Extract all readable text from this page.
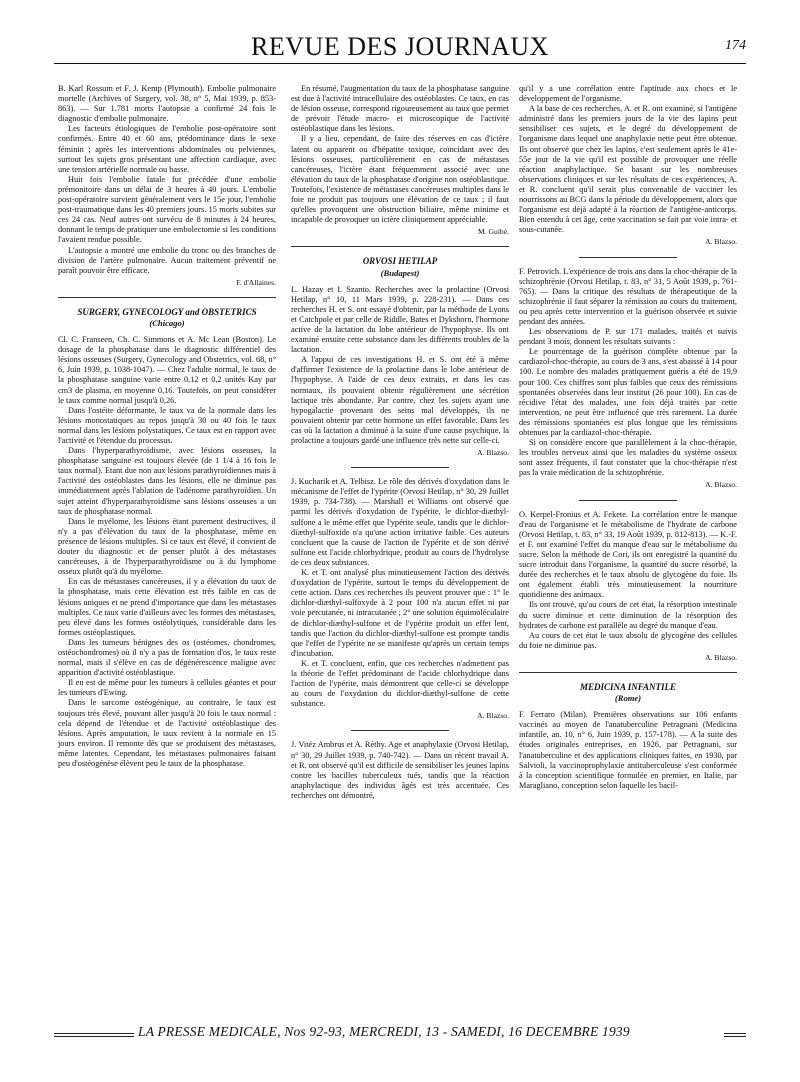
REVUE DES JOURNAUX	174

B. Karl Rossum et F. J. Kemp (Plymouth). Embolie pulmonaire mortelle (Archives of Surgery, vol. 38, n° 5, Mai 1939, p. 853-863). — Sur 1.781 morts l'autopsie a confirmé 24 fois le diagnostic d'embolie pulmonaire.

Les facteurs étiologiques de l'embolie post-opératoire sont confirmés. Entre 40 et 60 ans, prédominance dans le sexe féminin ; après les interventions abdominales ou pelviennes, surtout les sujets gros présentant une affection cardiaque, avec une tension artérielle normale ou basse.

Huit fois l'embolie fatale fut précédée d'une embolie prémonitoire dans un délai de 3 heures à 40 jours. L'embolie post-opératoire survient généralement vers le 15e jour, l'embolie post-traumatique dans les 40 premiers jours. 15 morts subites sur ces 24 cas. Neuf autres ont survécu de 8 minutes à 24 heures, donnant le temps de pratiquer une embolectomie si les conditions l'avaient rendue possible.

L'autopsie a montré une embolie du tronc ou des branches de division de l'artère pulmonaire. Aucun traitement préventif ne paraît pouvoir être efficace.

F. d'Allaines.

SURGERY, GYNECOLOGY and OBSTETRICS

(Chicago)

Cl. C. Franseen, Ch. C. Simmons et A. Mc Lean (Boston). Le dosage de la phosphatase dans le diagnostic différentiel des lésions osseuses (Surgery, Gynecology and Obstetrics, vol. 68, n° 6, Juin 1939, p. 1038-1047). — Chez l'adulte normal, le taux de la phosphatase sanguine varie entre 0,12 et 0,2 unités Kay par cm3 de plasma, en moyenne 0,16. Toutefois, on peut considérer le taux comme normal jusqu'à 0,26.

Dans l'ostéite déformante, le taux va de la normale dans les lésions monostatiques au repos jusqu'à 30 ou 40 fois le taux normal dans les lésions polystatiques. Ce taux est en rapport avec l'activité et l'étendue du processus.

Dans l'hyperparathyroïdisme, avec lésions osseuses, la phosphatase sanguine est toujours élevée (de 1 1/4 à 16 fois le taux normal). Etant due non aux lésions parathyroïdiennes mais à l'activité des ostéoblastes dans les lésions, elle ne diminue pas immédiatement après l'ablation de l'adénome parathyroïdien. Un sujet atteint d'hyperparathyroïdisme sans lésions osseuses a un taux de phosphatase normal.

Dans le myélome, les lésions étant purement destructives, il n'y a pas d'élévation du taux de la phosphatase, même en présence de lésions multiples. Si ce taux est élevé, il convient de douter du diagnostic et de penser plutôt à des métastases cancéreuses, à de l'hyperparathyroïdisme ou à du lymphome osseux plutôt qu'à du myélome.

En cas de métastases cancéreuses, il y a élévation du taux de la phosphatase, mais cette élévation est très faible en cas de lésions uniques et ne prend d'importance que dans les métastases multiples. Ce taux varie d'ailleurs avec les formes des métastases, peu élevé dans les formes ostéolytiques, considérable dans les formes ostéoplastiques.

Dans les tumeurs bénignes des os (ostéomes, chondromes, ostéochondromes) où il n'y a pas de formation d'os, le taux reste normal, mais il s'élève en cas de dégénérescence maligne avec apparition d'activité ostéoblastique.

Il en est de même pour les tumeurs à cellules géantes et pour les tumeurs d'Ewing.

Dans le sarcome ostéogénique, au contraire, le taux est toujours très élevé, pouvant aller jusqu'à 20 fois le taux normal : cela dépend de l'étendue et de l'activité ostéoblastique des lésions. Après amputation, le taux revient à la normale en 15 jours environ. Il remonte dès que se produisent des métastases, même latentes. Cependant, les métastases pulmonaires faisant peu d'ostéogénèse élèvent peu le taux de la phosphatase.

En résumé, l'augmentation du taux de la phosphatase sanguine est due à l'activité intracellulaire des ostéoblastes. Ce taux, en cas de lésion osseuse, correspond rigoureusement au taux que permet de prévoir l'étude macro- et microscopique de l'activité ostéoblastique dans les lésions.

Il y a lieu, cependant, de faire des réserves en cas d'ictère latent ou apparent ou d'hépatite toxique, coïncidant avec des lésions osseuses, particulièrement en cas de métastases cancéreuses, l'ictère étant fréquemment associé avec une élévation du taux de la phosphatase d'origine non ostéoblastique. Toutefois, l'existence de métastases cancéreuses multiples dans le foie ne produit pas toujours une élévation de ce taux ; il faut qu'elles provoquent une obstruction biliaire, même minime et incapable de provoquer un ictère cliniquement appréciable.

M. Guibé.

ORVOSI HETILAP

(Budapest)

L. Hazay et I. Szanto. Recherches avec la prolactine (Orvosi Hetilap, n° 10, 11 Mars 1939, p. 228-231). — Dans ces recherches H. et S. ont essayé d'obtenir, par la méthode de Lyons et Catchpole et par celle de Riddle, Bates et Dykshorn, l'hormone active de la lactation du lobe antérieur de l'hypophyse. Ils ont examiné ensuite cette substance dans les différents troubles de la lactation.

A l'appui de ces investigations H. et S. ont été à même d'affirmer l'existence de la prolactine dans le lobe antérieur de l'hypophyse. A l'aide de ces deux extraits, et dans les cas normaux, ils pouvaient obtenir régulièrement une sécrétion lactique très abondante. Par contre, chez les sujets ayant une hypogalactie provenant des seins mal développés, ils ne pouvaient obtenir par cette hormone un effet favorable. Dans les cas où la lactation a diminué à la suite d'une cause psychique, la prolactine a toujours gardé une influence très nette sur celle-ci.

A. Blazso.

J. Kucharik et A. Telbisz. Le rôle des dérivés d'oxydation dans le mécanisme de l'effet de l'ypérite (Orvosi Hetilap, n° 30, 29 Juillet 1939, p. 734-738). — Marshall et Williams ont observé que parmi les dérivés d'oxydation de l'ypérite, le dichlor-diæthyl-sulfone a le même effet que l'ypérite seule, tandis que le dichlor-diæthyl-sulfoxide n'a qu'une action irritative faible. Ces auteurs concluent que la cause de l'action de l'ypérite et de son dérivé sulfone est l'acide chlorhydrique, produit au cours de l'hydrolyse de ces deux substances.

K. et T. ont analysé plus minutieusement l'action des dérivés d'oxydation de l'ypérite, surtout le temps du développement de cette action. Dans ces recherches ils peuvent prouver que : 1° le dichlor-diæthyl-sulfoxyde à 2 pour 100 n'a aucun effet ni par voie percutanée, ni intracutanée ; 2° une solution équimoléculaire de dichlor-diæthyl-sulfone et de l'ypérite produit un effet lent, tandis que l'action du dichlor-diæthyl-sulfone est prompte tandis que l'effet de l'ypérite ne se manifeste qu'après un certain temps d'incubation.

K. et T. concluent, enfin, que ces recherches n'admettent pas la théorie de l'effet prédominant de l'acide chlorhydrique dans l'action de l'ypérite, mais démontrent que celle-ci se développe au cours de l'oxydation du dichlor-diæthyl-sulfone de cette substance.

A. Blazso.

J. Vitéz Ambrus et A. Réthy. Age et anaphylaxie (Orvosi Hetilap, n° 30, 29 Juillet 1939, p. 740-742). — Dans un récent travail A. et R. ont observé qu'il est difficile de sensibiliser les jeunes lapins contre les bacilles tuberculeux tués, tandis que la réaction anaphylactique des individus âgés est très accentuée. Ces recherches ont démontré,

qu'il y a une corrélation entre l'aptitude aux chocs et le développement de l'organisme.

A la base de ces recherches, A. et R. ont examiné, si l'antigène administré dans les premiers jours de la vie des lapins peut sensibiliser ces sujets, et le degré du développement de l'organisme dans lequel une anaphylaxie nette peut être obtenue. Ils ont observé que chez les lapins, c'est seulement après le 41e-55e jour de la vie qu'il est possible de provoquer une réelle réaction anaphylactique. Se basant sur les nombreuses observations cliniques et sur les résultats de ces expériences, A. et R. concluent qu'il serait plus convenable de vacciner les nourrissons au BCG dans la période du développement, alors que l'organisme est déjà adapté à la réaction de l'antigène-anticorps. Bien entendu à cet âge, cette vaccination se fait par voie intra- et sous-cutanée.

A. Blazso.

F. Petrovich. L'expérience de trois ans dans la choc-thérapie de la schizophrénie (Orvosi Hetilap, t. 83, n° 31, 5 Août 1939, p. 761-765). — Dans la critique des résultats de thérapeutique de la schizophrénie il faut séparer la rémission au cours du traitement, ou peu après cette intervention et la guérison observée et suivie pendant des années.

Les observations de P. sur 171 malades, traités et suivis pendant 3 mois, donnent les résultats suivants :

Le pourcentage de la guérison complète obtenue par la cardiazol-choc-thérapie, au cours de 3 ans, s'est abaissé à 14 pour 100. Le nombre des malades pratiquement guéris a été de 19,9 pour 100. Ces chiffres sont plus faibles que ceux des rémissions spontanées observées dans leur institut (26 pour 100). En cas de récidive l'état des malades, une fois déjà traités par cette intervention, ne peut être influencé que très rarement. La durée des rémissions spontanées est plus longue que les rémissions obtenues par la cardiazol-choc-thérapie.

Si on considère encore que parallèlement à la choc-thérapie, les troubles nerveux ainsi que les maladies du système osseux sont assez fréquents, il faut constater que la choc-thérapie n'est pas la vraie médication de la schizophrénie.

A. Blazso.

O. Kerpel-Fronius et A. Fekete. La corrélation entre le manque d'eau de l'organisme et le métabolisme de l'hydrate de carbone (Orvosi Hetilap, t. 83, n° 33, 19 Août 1939, p. 812-813). — K.-F. et F. ont examiné l'effet du manque d'eau sur le métabolisme du sucre. Selon la méthode de Cori, ils ont enregistré la quantité du sucre introduit dans l'organisme, la quantité du sucre résorbé, la durée des recherches et le taux absolu de glycogène du foie. Ils ont également établi très minutieusement la nourriture quotidienne des animaux.

Ils ont trouvé, qu'au cours de cet état, la résorption intestinale du sucre diminue et cette diminution de la résorption des hydrates de carbone est parallèle au degré du manque d'eau.

Au cours de cet état le taux absolu de glycogène des cellules du foie ne diminue pas.

A. Blazso.

MEDICINA INFANTILE

(Rome)

F. Ferraro (Milan). Premières observations sur 106 enfants vaccinés au moyen de l'anatuberculine Petragnani (Medicina infantile, an. 10, n° 6, Juin 1939, p. 157-178). — A la suite des études originales entreprises, en 1926, par Petragnani, sur l'anatuberculine et des applications cliniques faites, en 1930, par Salvioli, la vaccinoprophylaxie antituberculeuse s'est conformée à la conception scientifique formulée en premier, en Italie, par Maragliano, conception selon laquelle les bacil-

LA PRESSE MEDICALE, Nos 92-93, MERCREDI, 13 - SAMEDI, 16 DECEMBRE 1939
